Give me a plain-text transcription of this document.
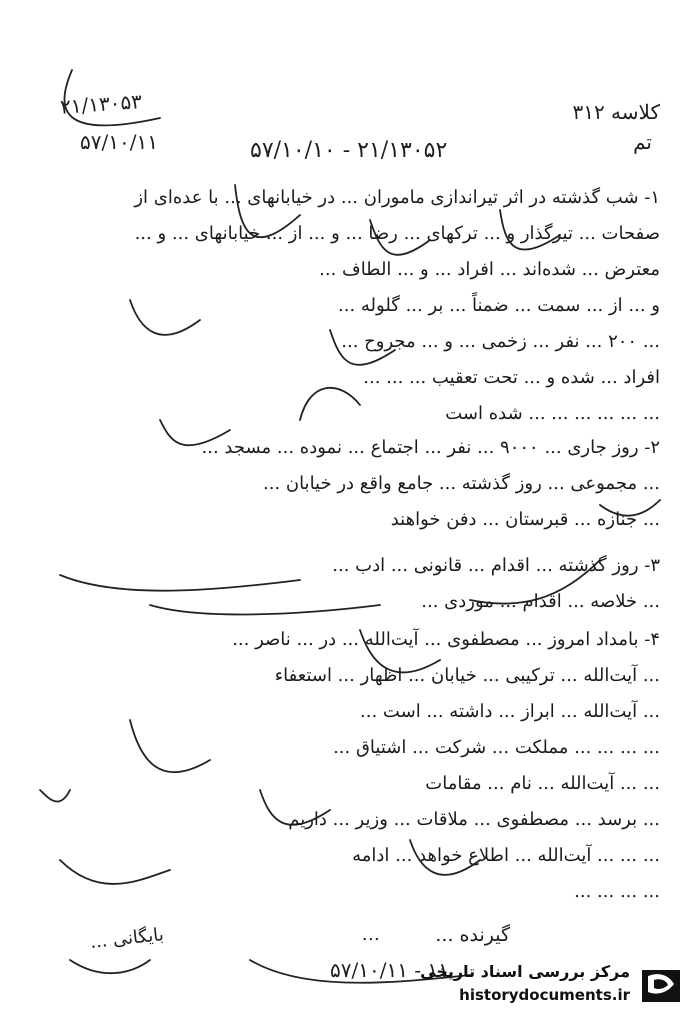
۲۱/۱۳۰۵۳
۵۷/۱۰/۱۱
کلاسه ۳۱۲
تم
۵۷/۱۰/۱۰ - ۲۱/۱۳۰۵۲
۱- شب گذشته در اثر تیراندازی ماموران ... در خیابانهای ... با عده‌ای از
صفحات ... تیرگذار و ... ترکهای ... رضا ... و ... از ... خیابانهای ... و ...
معترض ... شده‌اند ... افراد ... و ... الطاف ...
و ... از ... سمت ... ضمناً ... بر ... گلوله ...
... ۲۰۰ ... نفر ... زخمی ... و ... مجروح ...
افراد ... شده و ... تحت تعقیب ... ... ...
... ... ... ... ... ... شده است
۲- روز جاری ... ۹۰۰۰ ... نفر ... اجتماع ... نموده ... مسجد ...
... مجموعی ... روز گذشته ... جامع واقع در خیابان ...
... جنازه ... قبرستان ... دفن خواهند
۳- روز گذشته ... اقدام ... قانونی ... ادب ...
... خلاصه ... اقدام ... موردی ...
۴- بامداد امروز ... مصطفوی ... آیت‌الله ... در ... ناصر ...
... آیت‌الله ... ترکیبی ... خیابان ... اظهار ... استعفاء
... آیت‌الله ... ابراز ... داشته ... است ...
... ... ... ... مملکت ... شرکت ... اشتیاق ...
... ... آیت‌الله ... نام ... مقامات
... برسد ... مصطفوی ... ملاقات ... وزیر ... داریم
... ... ... آیت‌الله ... اطلاع خواهد ... ادامه
... ... ... ...
گیرنده ...
...
بایگانی ...
۵۷/۱۰/۱۱ - ۱۱
مرکز بررسی اسناد تاریخی
historydocuments.ir
